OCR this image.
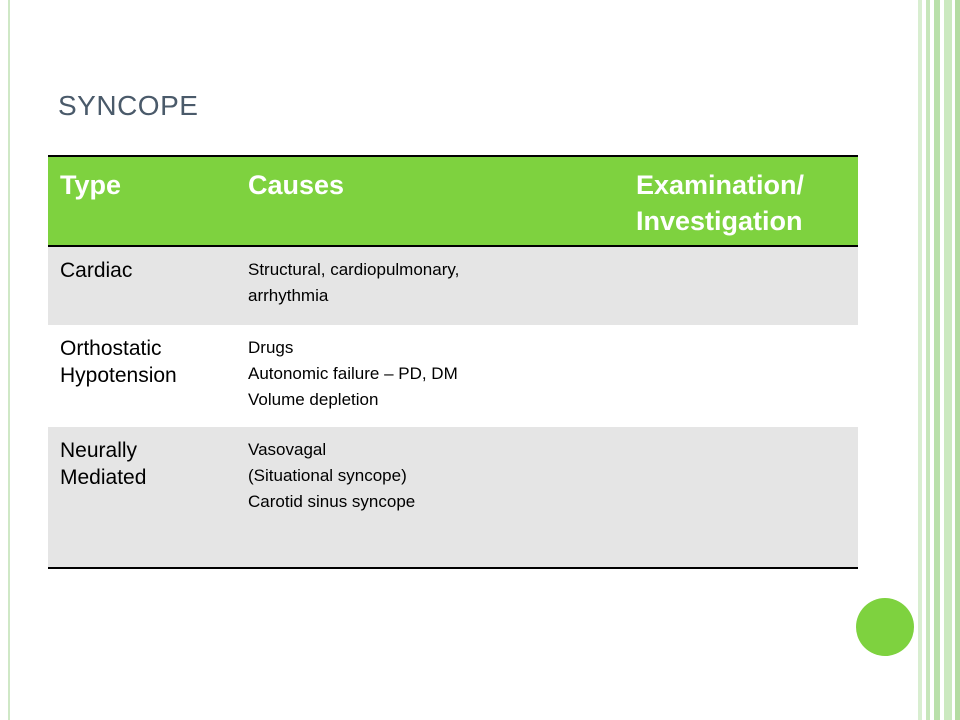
SYNCOPE
Type	Causes	Examination/
Investigation

Cardiac	Structural, cardiopulmonary,
arrhythmia	

Orthostatic
Hypotension	Drugs
Autonomic failure – PD, DM
Volume depletion	

Neurally
Mediated	Vasovagal
(Situational syncope)
Carotid sinus syncope	
